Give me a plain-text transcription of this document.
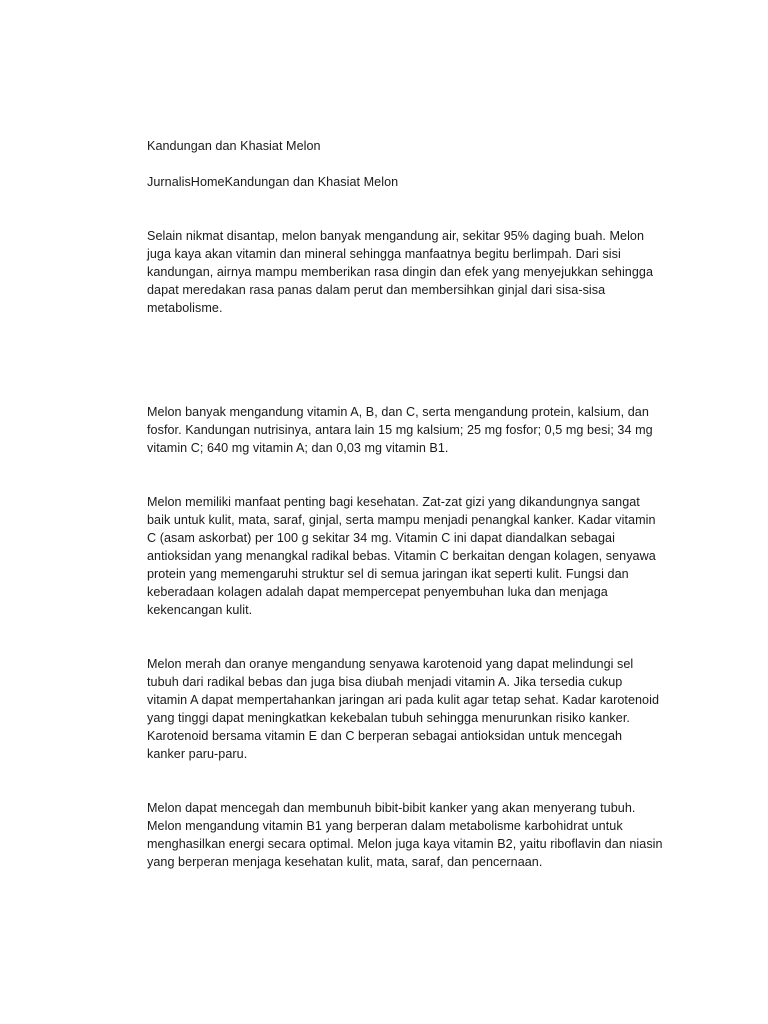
Kandungan dan Khasiat Melon

JurnalisHomeKandungan dan Khasiat Melon

Selain nikmat disantap, melon banyak mengandung air, sekitar 95% daging buah. Melon juga kaya akan vitamin dan mineral sehingga manfaatnya begitu berlimpah. Dari sisi kandungan, airnya mampu memberikan rasa dingin dan efek yang menyejukkan sehingga dapat meredakan rasa panas dalam perut dan membersihkan ginjal dari sisa-sisa metabolisme.

Melon banyak mengandung vitamin A, B, dan C, serta mengandung protein, kalsium, dan fosfor. Kandungan nutrisinya, antara lain 15 mg kalsium; 25 mg fosfor; 0,5 mg besi; 34 mg vitamin C; 640 mg vitamin A; dan 0,03 mg vitamin B1.

Melon memiliki manfaat penting bagi kesehatan. Zat-zat gizi yang dikandungnya sangat baik untuk kulit, mata, saraf, ginjal, serta mampu menjadi penangkal kanker. Kadar vitamin C (asam askorbat) per 100 g sekitar 34 mg. Vitamin C ini dapat diandalkan sebagai antioksidan yang menangkal radikal bebas. Vitamin C berkaitan dengan kolagen, senyawa protein yang memengaruhi struktur sel di semua jaringan ikat seperti kulit. Fungsi dan keberadaan kolagen adalah dapat mempercepat penyembuhan luka dan menjaga kekencangan kulit.

Melon merah dan oranye mengandung senyawa karotenoid yang dapat melindungi sel tubuh dari radikal bebas dan juga bisa diubah menjadi vitamin A. Jika tersedia cukup vitamin A dapat mempertahankan jaringan ari pada kulit agar tetap sehat. Kadar karotenoid yang tinggi dapat meningkatkan kekebalan tubuh sehingga menurunkan risiko kanker. Karotenoid bersama vitamin E dan C berperan sebagai antioksidan untuk mencegah kanker paru-paru.

Melon dapat mencegah dan membunuh bibit-bibit kanker yang akan menyerang tubuh. Melon mengandung vitamin B1 yang berperan dalam metabolisme karbohidrat untuk menghasilkan energi secara optimal. Melon juga kaya vitamin B2, yaitu riboflavin dan niasin yang berperan menjaga kesehatan kulit, mata, saraf, dan pencernaan.
